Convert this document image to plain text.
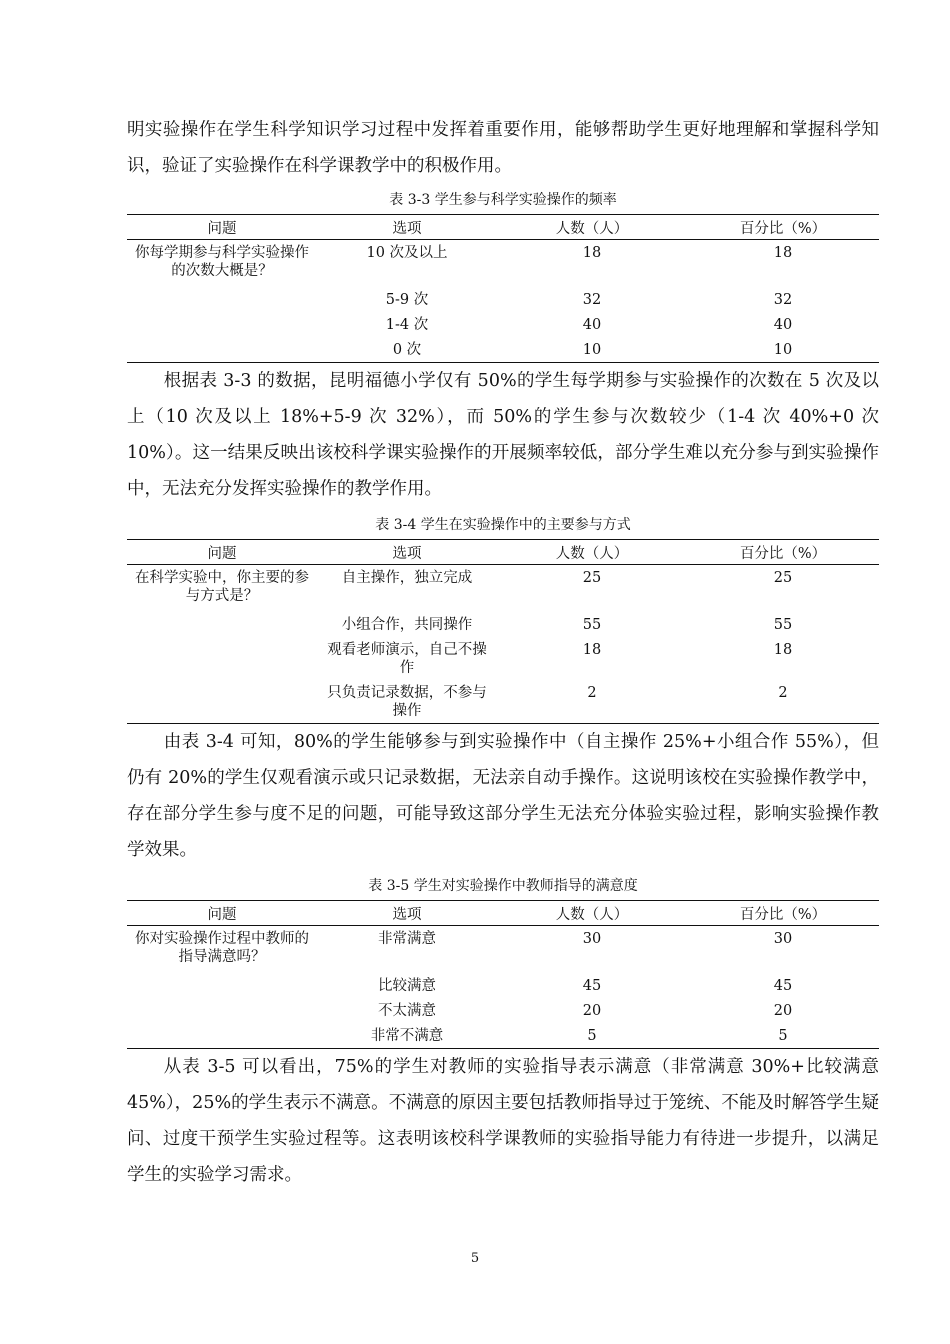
明实验操作在学生科学知识学习过程中发挥着重要作用，能够帮助学生更好地理解和掌握科学知识，验证了实验操作在科学课教学中的积极作用。

表 3-3 学生参与科学实验操作的频率
问题	选项	人数（人）	百分比（%）
你每学期参与科学实验操作的次数大概是？	10 次及以上	18	18
	5-9 次	32	32
	1-4 次	40	40
	0 次	10	10

根据表 3-3 的数据，昆明福德小学仅有 50%的学生每学期参与实验操作的次数在 5 次及以上（10 次及以上 18%+5-9 次 32%），而 50%的学生参与次数较少（1-4 次 40%+0 次 10%）。这一结果反映出该校科学课实验操作的开展频率较低，部分学生难以充分参与到实验操作中，无法充分发挥实验操作的教学作用。

表 3-4 学生在实验操作中的主要参与方式
问题	选项	人数（人）	百分比（%）
在科学实验中，你主要的参与方式是？	自主操作，独立完成	25	25
	小组合作，共同操作	55	55
	观看老师演示，自己不操作	18	18
	只负责记录数据，不参与操作	2	2

由表 3-4 可知，80%的学生能够参与到实验操作中（自主操作 25%+小组合作 55%），但仍有 20%的学生仅观看演示或只记录数据，无法亲自动手操作。这说明该校在实验操作教学中，存在部分学生参与度不足的问题，可能导致这部分学生无法充分体验实验过程，影响实验操作教学效果。

表 3-5 学生对实验操作中教师指导的满意度
问题	选项	人数（人）	百分比（%）
你对实验操作过程中教师的指导满意吗？	非常满意	30	30
	比较满意	45	45
	不太满意	20	20
	非常不满意	5	5

从表 3-5 可以看出，75%的学生对教师的实验指导表示满意（非常满意 30%+比较满意 45%），25%的学生表示不满意。不满意的原因主要包括教师指导过于笼统、不能及时解答学生疑问、过度干预学生实验过程等。这表明该校科学课教师的实验指导能力有待进一步提升，以满足学生的实验学习需求。

5
